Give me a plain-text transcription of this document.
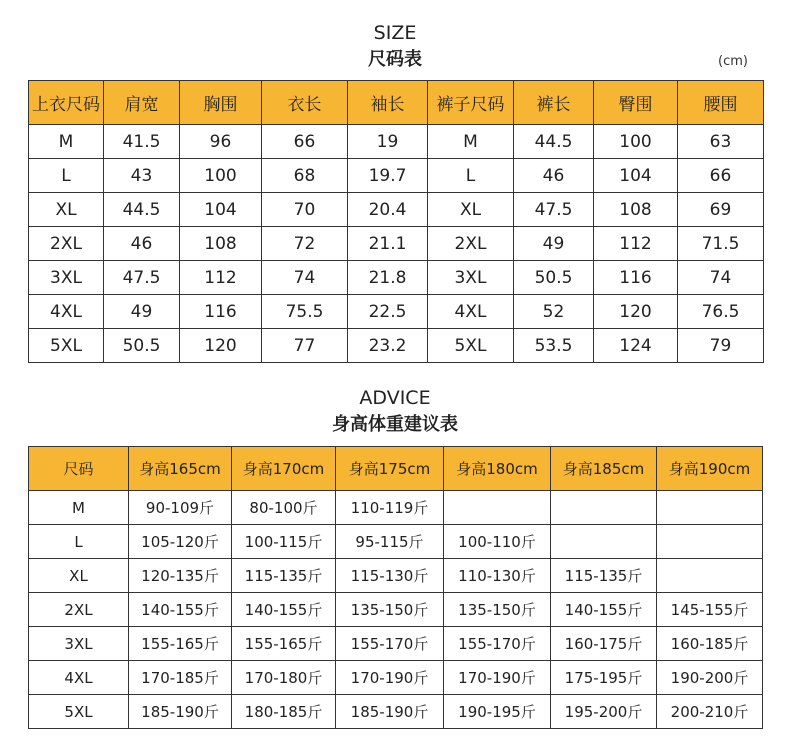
SIZE
尺码表	(cm)
上衣尺码	肩宽	胸围	衣长	袖长	裤子尺码	裤长	臀围	腰围
M	41.5	96	66	19	M	44.5	100	63
L	43	100	68	19.7	L	46	104	66
XL	44.5	104	70	20.4	XL	47.5	108	69
2XL	46	108	72	21.1	2XL	49	112	71.5
3XL	47.5	112	74	21.8	3XL	50.5	116	74
4XL	49	116	75.5	22.5	4XL	52	120	76.5
5XL	50.5	120	77	23.2	5XL	53.5	124	79
ADVICE
身高体重建议表
尺码	身高165cm	身高170cm	身高175cm	身高180cm	身高185cm	身高190cm
M	90-109斤	80-100斤	110-119斤			
L	105-120斤	100-115斤	95-115斤	100-110斤		
XL	120-135斤	115-135斤	115-130斤	110-130斤	115-135斤	
2XL	140-155斤	140-155斤	135-150斤	135-150斤	140-155斤	145-155斤
3XL	155-165斤	155-165斤	155-170斤	155-170斤	160-175斤	160-185斤
4XL	170-185斤	170-180斤	170-190斤	170-190斤	175-195斤	190-200斤
5XL	185-190斤	180-185斤	185-190斤	190-195斤	195-200斤	200-210斤
